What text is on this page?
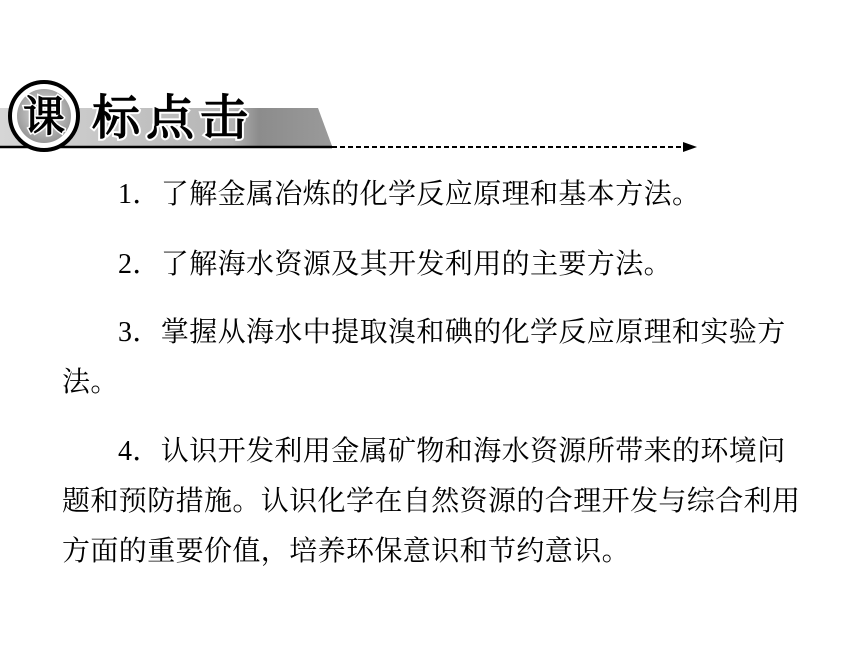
课 标点击
1．了解金属冶炼的化学反应原理和基本方法。
2．了解海水资源及其开发利用的主要方法。
3．掌握从海水中提取溴和碘的化学反应原理和实验方
法。
4．认识开发利用金属矿物和海水资源所带来的环境问
题和预防措施。认识化学在自然资源的合理开发与综合利用
方面的重要价值，培养环保意识和节约意识。
